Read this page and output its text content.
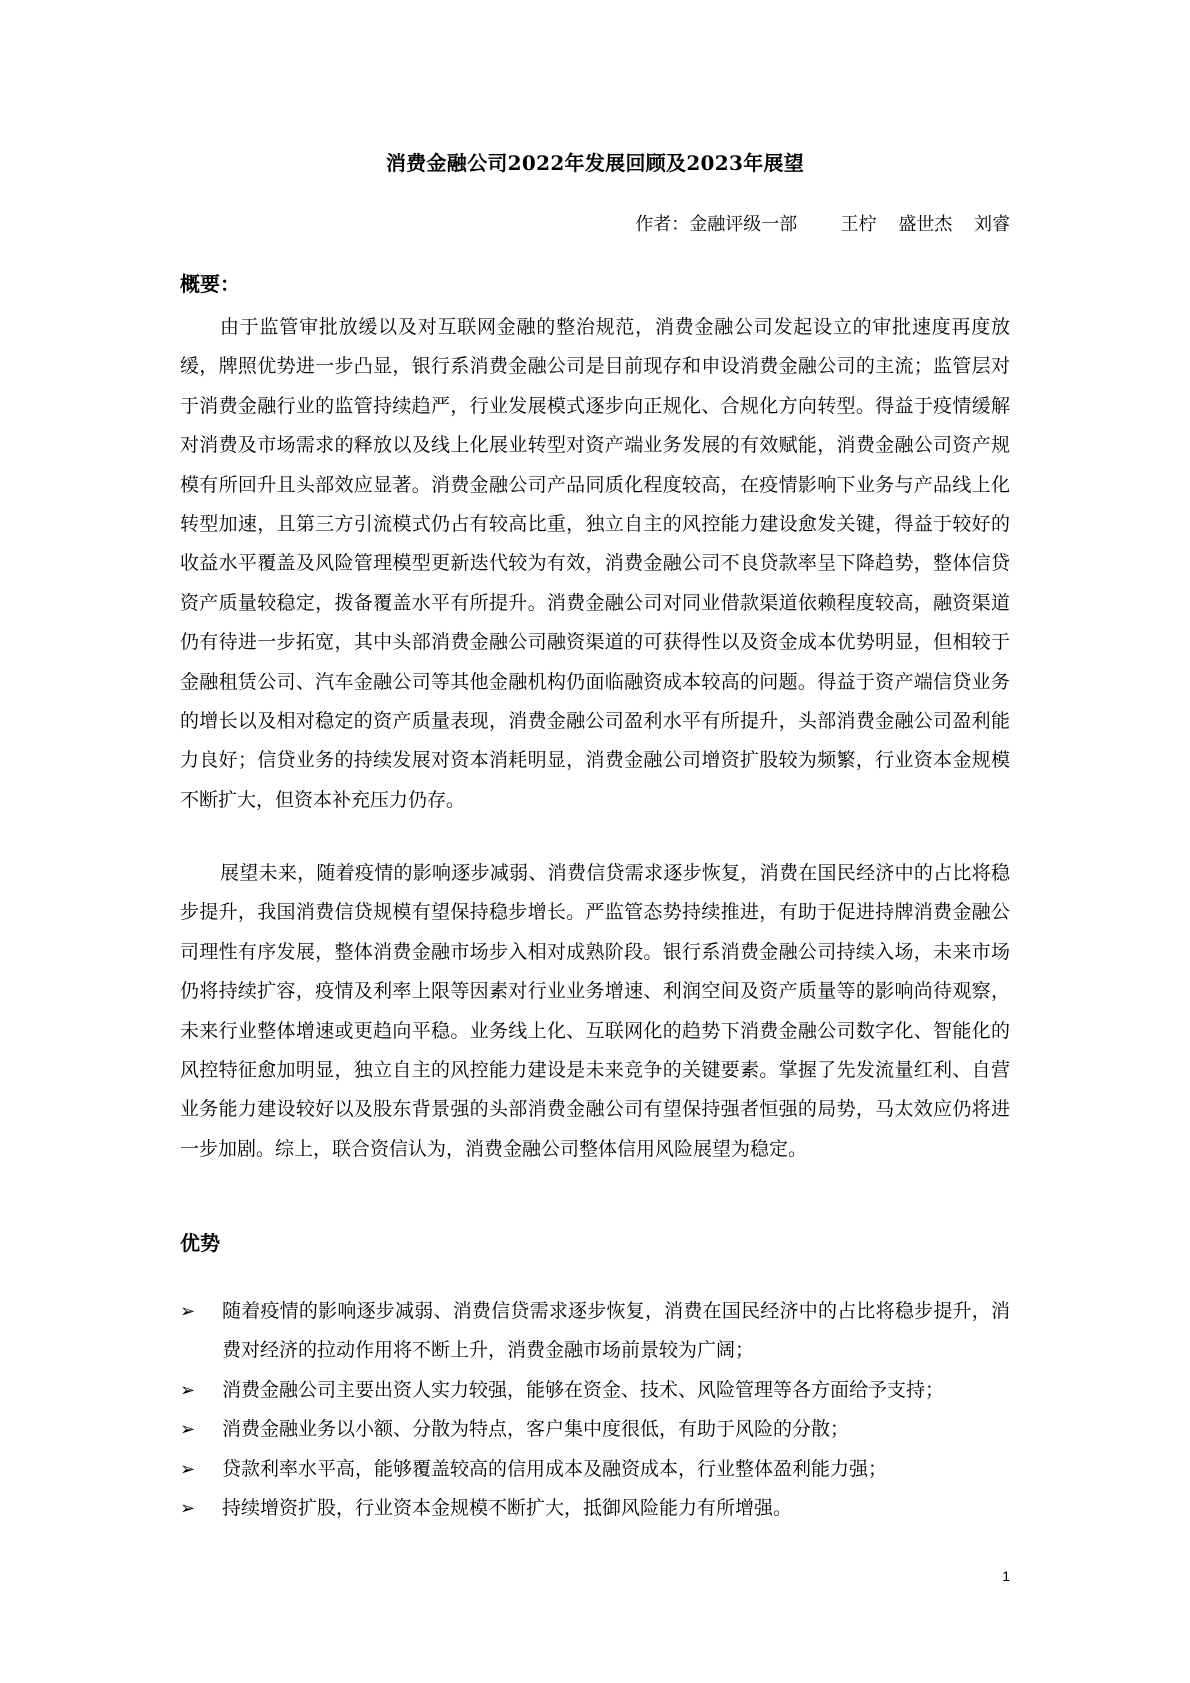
消费金融公司2022年发展回顾及2023年展望
作者：金融评级一部    王柠  盛世杰  刘睿
概要：

由于监管审批放缓以及对互联网金融的整治规范，消费金融公司发起设立的审批速度再度放缓，牌照优势进一步凸显，银行系消费金融公司是目前现存和申设消费金融公司的主流；监管层对于消费金融行业的监管持续趋严，行业发展模式逐步向正规化、合规化方向转型。得益于疫情缓解对消费及市场需求的释放以及线上化展业转型对资产端业务发展的有效赋能，消费金融公司资产规模有所回升且头部效应显著。消费金融公司产品同质化程度较高，在疫情影响下业务与产品线上化转型加速，且第三方引流模式仍占有较高比重，独立自主的风控能力建设愈发关键，得益于较好的收益水平覆盖及风险管理模型更新迭代较为有效，消费金融公司不良贷款率呈下降趋势，整体信贷资产质量较稳定，拨备覆盖水平有所提升。消费金融公司对同业借款渠道依赖程度较高，融资渠道仍有待进一步拓宽，其中头部消费金融公司融资渠道的可获得性以及资金成本优势明显，但相较于金融租赁公司、汽车金融公司等其他金融机构仍面临融资成本较高的问题。得益于资产端信贷业务的增长以及相对稳定的资产质量表现，消费金融公司盈利水平有所提升，头部消费金融公司盈利能力良好；信贷业务的持续发展对资本消耗明显，消费金融公司增资扩股较为频繁，行业资本金规模不断扩大，但资本补充压力仍存。

展望未来，随着疫情的影响逐步减弱、消费信贷需求逐步恢复，消费在国民经济中的占比将稳步提升，我国消费信贷规模有望保持稳步增长。严监管态势持续推进，有助于促进持牌消费金融公司理性有序发展，整体消费金融市场步入相对成熟阶段。银行系消费金融公司持续入场，未来市场仍将持续扩容，疫情及利率上限等因素对行业业务增速、利润空间及资产质量等的影响尚待观察，未来行业整体增速或更趋向平稳。业务线上化、互联网化的趋势下消费金融公司数字化、智能化的风控特征愈加明显，独立自主的风控能力建设是未来竞争的关键要素。掌握了先发流量红利、自营业务能力建设较好以及股东背景强的头部消费金融公司有望保持强者恒强的局势，马太效应仍将进一步加剧。综上，联合资信认为，消费金融公司整体信用风险展望为稳定。

优势
➢	随着疫情的影响逐步减弱、消费信贷需求逐步恢复，消费在国民经济中的占比将稳步提升，消费对经济的拉动作用将不断上升，消费金融市场前景较为广阔；
➢	消费金融公司主要出资人实力较强，能够在资金、技术、风险管理等各方面给予支持；
➢	消费金融业务以小额、分散为特点，客户集中度很低，有助于风险的分散；
➢	贷款利率水平高，能够覆盖较高的信用成本及融资成本，行业整体盈利能力强；
➢	持续增资扩股，行业资本金规模不断扩大，抵御风险能力有所增强。
1
